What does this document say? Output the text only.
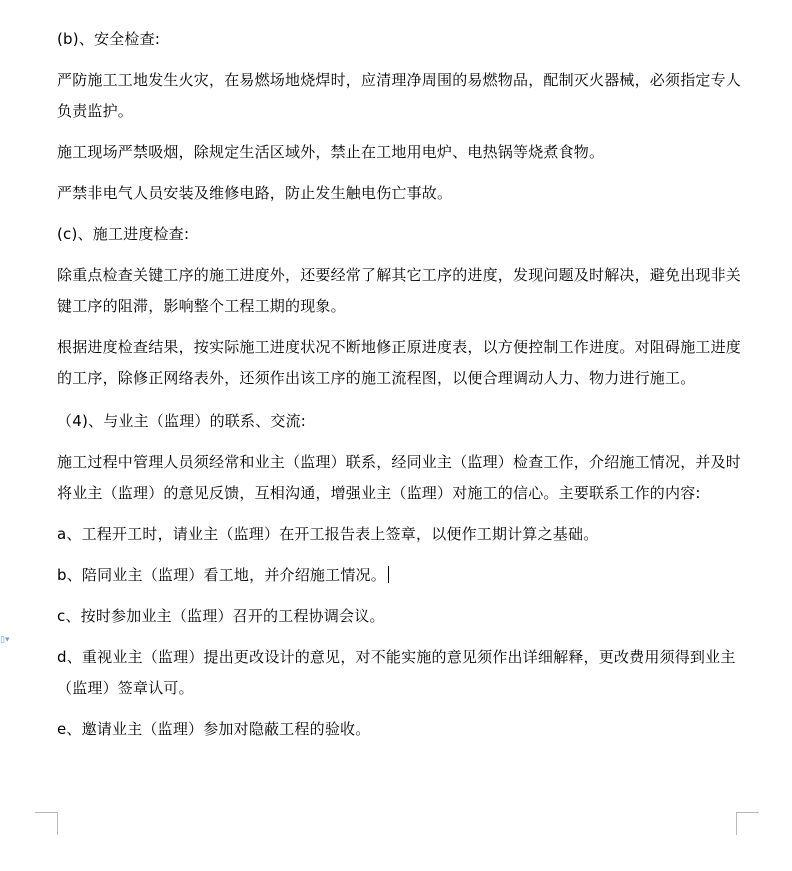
▯▾

(b)、安全检查:

严防施工工地发生火灾，在易燃场地烧焊时，应清理净周围的易燃物品，配制灭火器械，必须指定专人负责监护。

施工现场严禁吸烟，除规定生活区域外，禁止在工地用电炉、电热锅等烧煮食物。

严禁非电气人员安装及维修电路，防止发生触电伤亡事故。

(c)、施工进度检查:

除重点检查关键工序的施工进度外，还要经常了解其它工序的进度，发现问题及时解决，避免出现非关键工序的阻滞，影响整个工程工期的现象。

根据进度检查结果，按实际施工进度状况不断地修正原进度表，以方便控制工作进度。对阻碍施工进度的工序，除修正网络表外，还须作出该工序的施工流程图，以便合理调动人力、物力进行施工。

（4)、与业主（监理）的联系、交流:

施工过程中管理人员须经常和业主（监理）联系，经同业主（监理）检查工作，介绍施工情况，并及时将业主（监理）的意见反馈，互相沟通，增强业主（监理）对施工的信心。主要联系工作的内容:

a、工程开工时，请业主（监理）在开工报告表上签章，以便作工期计算之基础。

b、陪同业主（监理）看工地，并介绍施工情况。

c、按时参加业主（监理）召开的工程协调会议。

d、重视业主（监理）提出更改设计的意见，对不能实施的意见须作出详细解释，更改费用须得到业主（监理）签章认可。

e、邀请业主（监理）参加对隐蔽工程的验收。
